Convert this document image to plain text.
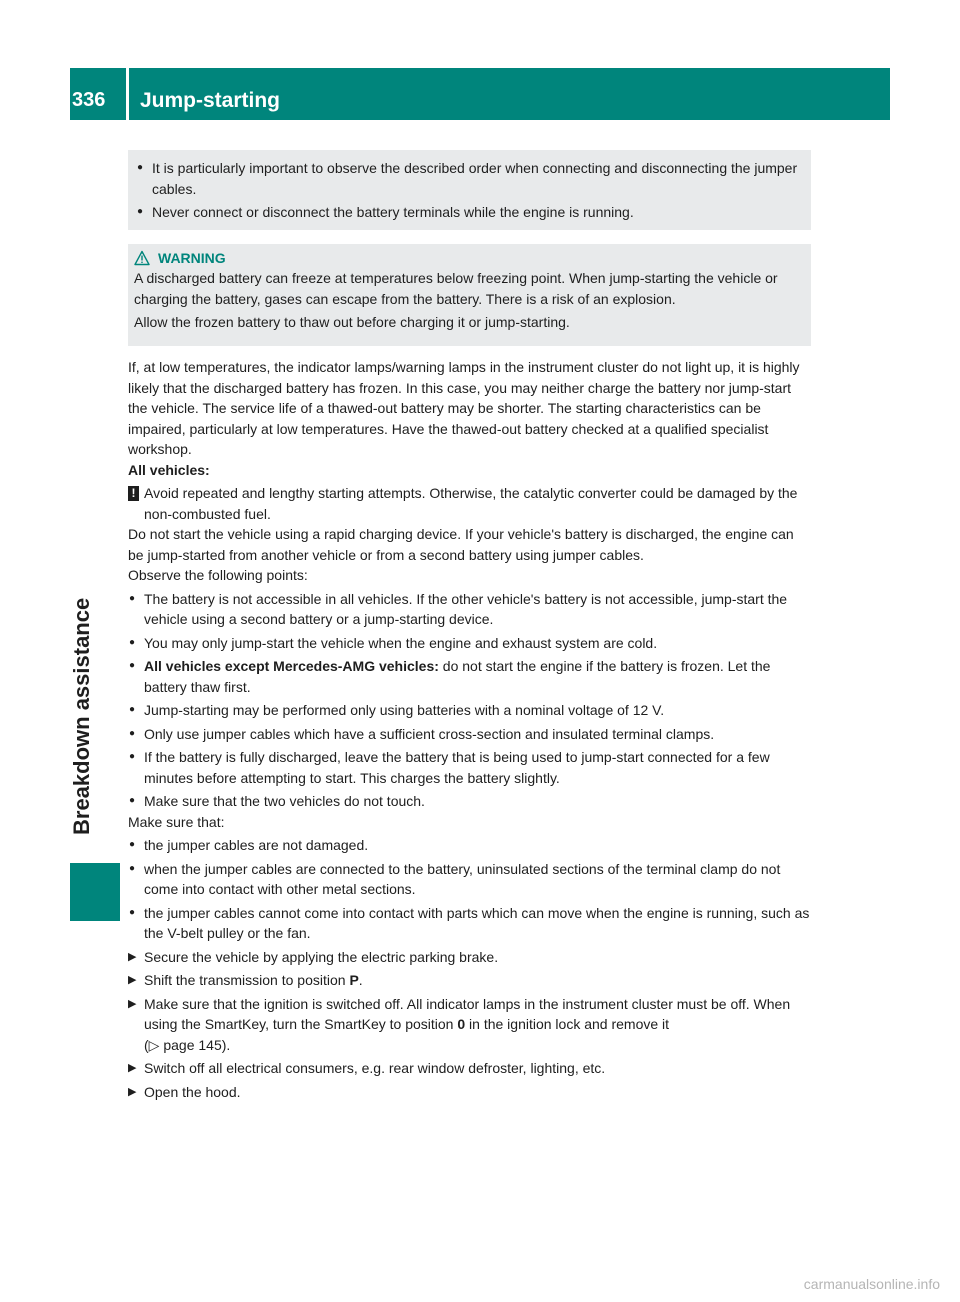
336 Jump-starting
Breakdown assistance
● It is particularly important to observe the described order when connecting and disconnecting the jumper cables.
● Never connect or disconnect the battery terminals while the engine is running.
WARNING
A discharged battery can freeze at temperatures below freezing point. When jump-starting the vehicle or charging the battery, gases can escape from the battery. There is a risk of an explosion.
Allow the frozen battery to thaw out before charging it or jump-starting.

If, at low temperatures, the indicator lamps/warning lamps in the instrument cluster do not light up, it is highly likely that the discharged battery has frozen. In this case, you may neither charge the battery nor jump-start the vehicle. The service life of a thawed-out battery may be shorter. The starting characteristics can be impaired, particularly at low temperatures. Have the thawed-out battery checked at a qualified specialist workshop.

All vehicles:

! Avoid repeated and lengthy starting attempts. Otherwise, the catalytic converter could be damaged by the non-combusted fuel.

Do not start the vehicle using a rapid charging device. If your vehicle's battery is discharged, the engine can be jump-started from another vehicle or from a second battery using jumper cables.

Observe the following points:

● The battery is not accessible in all vehicles. If the other vehicle's battery is not accessible, jump-start the vehicle using a second battery or a jump-starting device.
● You may only jump-start the vehicle when the engine and exhaust system are cold.
● All vehicles except Mercedes-AMG vehicles: do not start the engine if the battery is frozen. Let the battery thaw first.
● Jump-starting may be performed only using batteries with a nominal voltage of 12 V.
● Only use jumper cables which have a sufficient cross-section and insulated terminal clamps.
● If the battery is fully discharged, leave the battery that is being used to jump-start connected for a few minutes before attempting to start. This charges the battery slightly.
● Make sure that the two vehicles do not touch.

Make sure that:

● the jumper cables are not damaged.
● when the jumper cables are connected to the battery, uninsulated sections of the terminal clamp do not come into contact with other metal sections.
● the jumper cables cannot come into contact with parts which can move when the engine is running, such as the V-belt pulley or the fan.
▶ Secure the vehicle by applying the electric parking brake.
▶ Shift the transmission to position P.
▶ Make sure that the ignition is switched off. All indicator lamps in the instrument cluster must be off. When using the SmartKey, turn the SmartKey to position 0 in the ignition lock and remove it
(▷ page 145).
▶ Switch off all electrical consumers, e.g. rear window defroster, lighting, etc.
▶ Open the hood.
carmanualsonline.info
